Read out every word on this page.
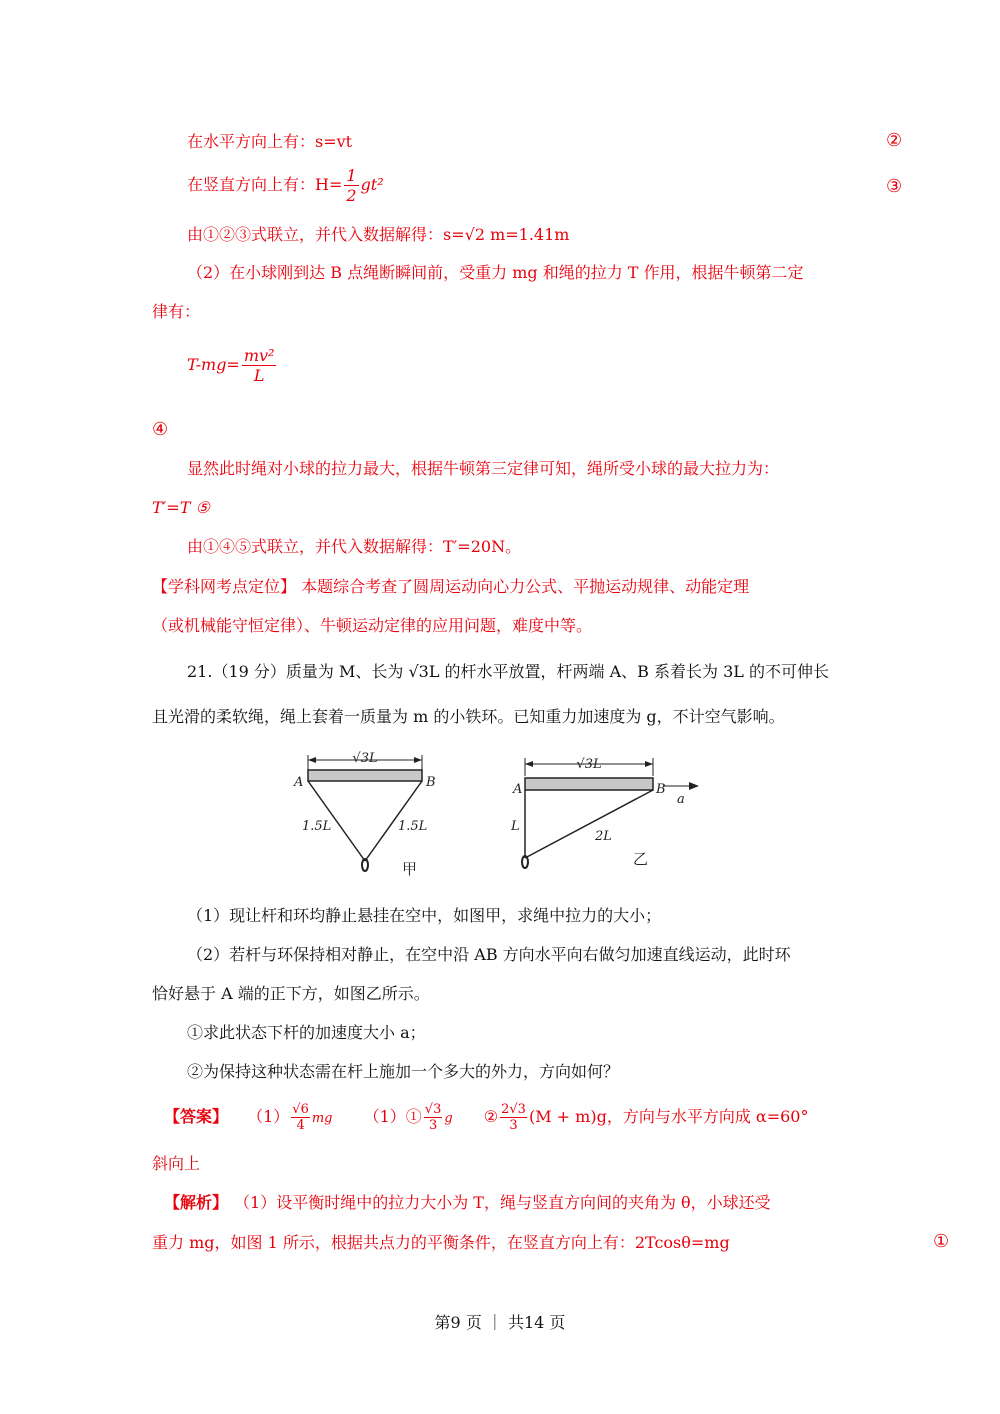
在水平方向上有：s=vt	②
在竖直方向上有：$H= \frac{1}{2} gt^2$	③
由①②③式联立，并代入数据解得：s=√2 m=1.41m
（2）在小球刚到达 B 点绳断瞬间前，受重力 mg 和绳的拉力 T 作用，根据牛顿第二定
律有：
$T-mg= \frac{\text{mv²}}{L}$
④
显然此时绳对小球的拉力最大，根据牛顿第三定律可知，绳所受小球的最大拉力为：
T′=T ⑤
由①④⑤式联立，并代入数据解得：T′=20N。
【学科网考点定位】 本题综合考查了圆周运动向心力公式、平抛运动规律、动能定理
（或机械能守恒定律）、牛顿运动定律的应用问题，难度中等。
21.（19 分）质量为 M、长为 √3L 的杆水平放置，杆两端 A、B 系着长为 3L 的不可伸长
且光滑的柔软绳，绳上套着一质量为 m 的小铁环。已知重力加速度为 g，不计空气影响。
√3L
A	B
1.5L	1.5L
甲
√3L
A	B
a
L
2L
乙
（1）现让杆和环均静止悬挂在空中，如图甲，求绳中拉力的大小；
（2）若杆与环保持相对静止，在空中沿 AB 方向水平向右做匀加速直线运动，此时环
恰好悬于 A 端的正下方，如图乙所示。
①求此状态下杆的加速度大小 a；
②为保持这种状态需在杆上施加一个多大的外力，方向如何？
【答案】 $(1) \frac{√6}{4}$ mg （1）① $\frac{√3}{3}$ g ② $\frac{2√3}{3} (M + m)g$，方向与水平方向成 α=60°
斜向上
【解析】 （1）设平衡时绳中的拉力大小为 T，绳与竖直方向间的夹角为 θ，小球还受
重力 mg，如图 1 所示，根据共点力的平衡条件，在竖直方向上有：2Tcosθ=mg	①
第9 页 ｜ 共14 页
